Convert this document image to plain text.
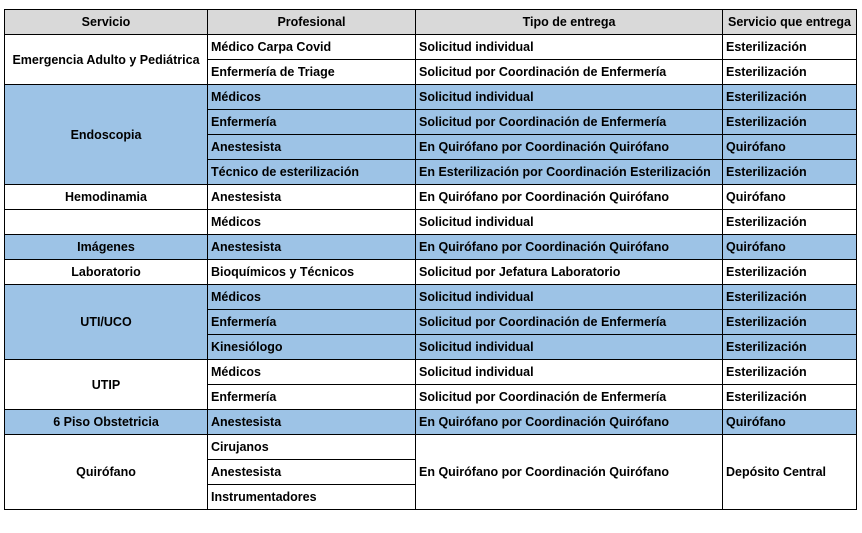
Servicio	Profesional	Tipo de entrega	Servicio que entrega
Emergencia Adulto y Pediátrica	Médico Carpa Covid	Solicitud individual	Esterilización
	Enfermería de Triage	Solicitud por Coordinación de Enfermería	Esterilización
Endoscopia	Médicos	Solicitud individual	Esterilización
	Enfermería	Solicitud por Coordinación de Enfermería	Esterilización
	Anestesista	En Quirófano por Coordinación Quirófano	Quirófano
	Técnico de esterilización	En Esterilización por Coordinación Esterilización	Esterilización
Hemodinamia	Anestesista	En Quirófano por Coordinación Quirófano	Quirófano
	Médicos	Solicitud individual	Esterilización
Imágenes	Anestesista	En Quirófano por Coordinación Quirófano	Quirófano
Laboratorio	Bioquímicos y Técnicos	Solicitud por Jefatura Laboratorio	Esterilización
UTI/UCO	Médicos	Solicitud individual	Esterilización
	Enfermería	Solicitud por Coordinación de Enfermería	Esterilización
	Kinesiólogo	Solicitud individual	Esterilización
UTIP	Médicos	Solicitud individual	Esterilización
	Enfermería	Solicitud por Coordinación de Enfermería	Esterilización
6 Piso Obstetricia	Anestesista	En Quirófano por Coordinación Quirófano	Quirófano
Quirófano	Cirujanos	En Quirófano por Coordinación Quirófano	Depósito Central
	Anestesista		
	Instrumentadores		
